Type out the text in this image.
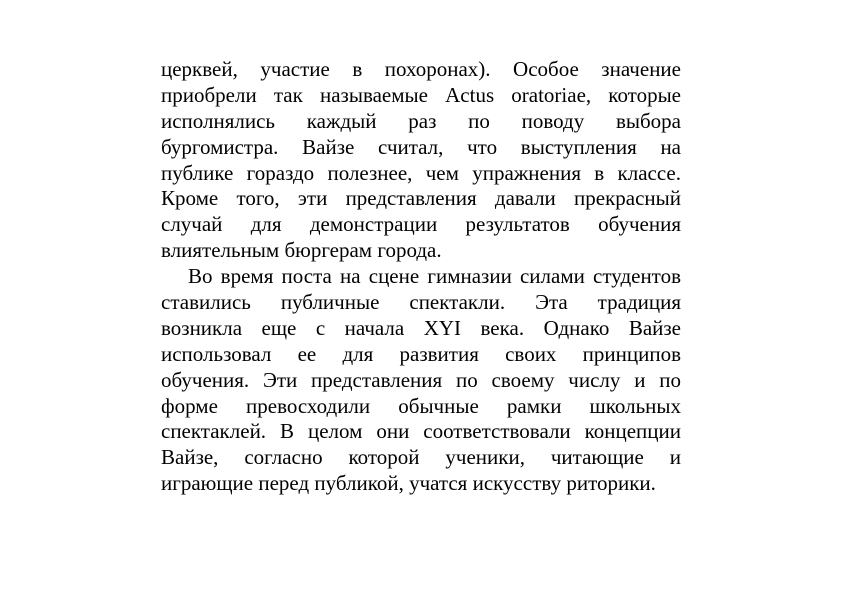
церквей, участие в похоронах). Особое значение
приобрели так называемые Actus oratoriae, которые
исполнялись каждый раз по поводу выбора
бургомистра. Вайзе считал, что выступления на
публике гораздо полезнее, чем упражнения в классе.
Кроме того, эти представления давали прекрасный
случай для демонстрации результатов обучения
влиятельным бюргерам города.
Во время поста на сцене гимназии силами студентов
ставились публичные спектакли. Эта традиция
возникла еще с начала XYI века. Однако Вайзе
использовал ее для развития своих принципов
обучения. Эти представления по своему числу и по
форме превосходили обычные рамки школьных
спектаклей. В целом они соответствовали концепции
Вайзе, согласно которой ученики, читающие и
играющие перед публикой, учатся искусству риторики.
